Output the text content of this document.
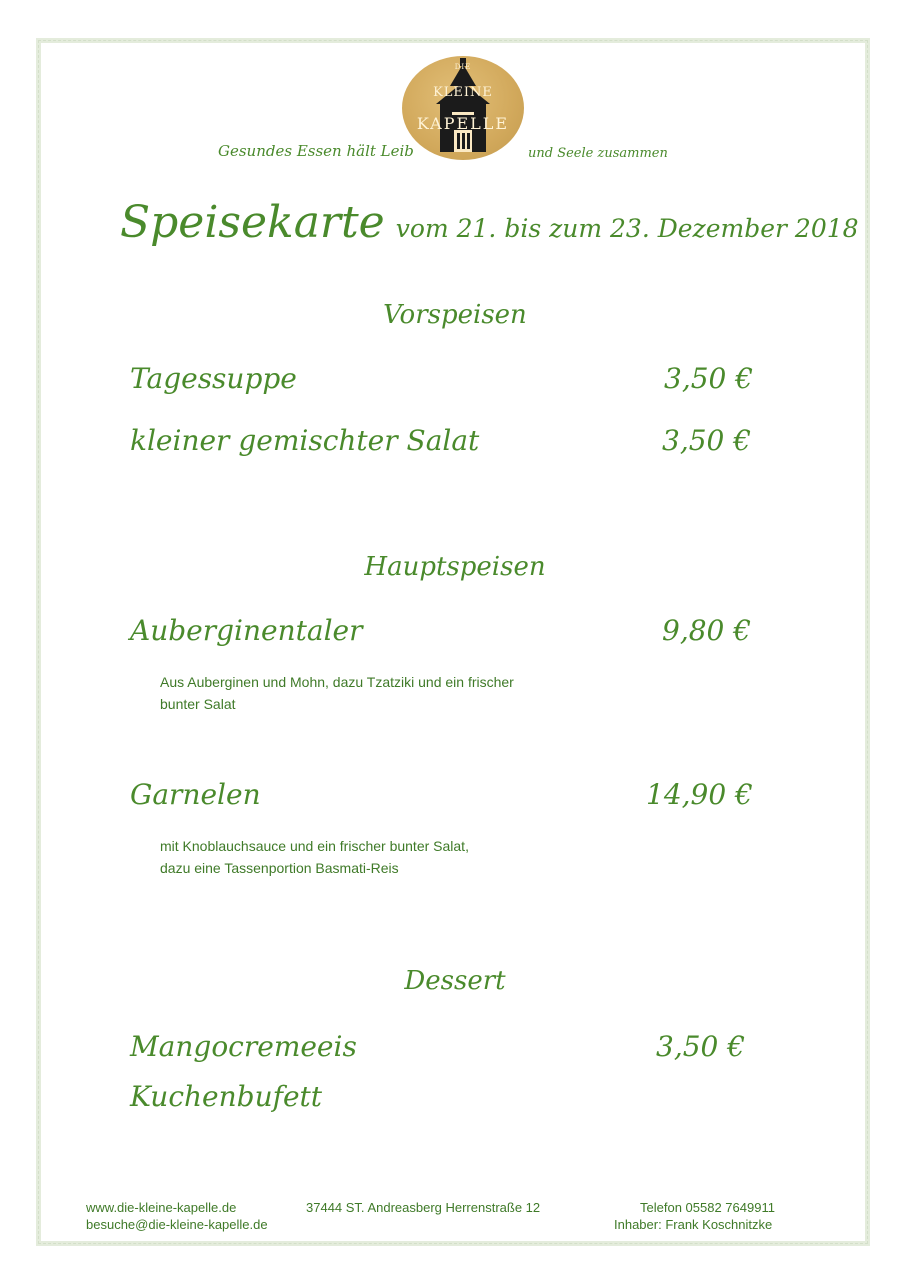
DIE
KLEINE
KAPELLE
Gesundes Essen hält Leib	und Seele zusammen
Speisekarte vom 21. bis zum 23. Dezember 2018
Vorspeisen
Tagessuppe	3,50 €
kleiner gemischter Salat	3,50 €
Hauptspeisen
Auberginentaler	9,80 €
Aus Auberginen und Mohn, dazu Tzatziki und ein frischer
bunter Salat
Garnelen	14,90 €
mit Knoblauchsauce und ein frischer bunter Salat,
dazu eine Tassenportion Basmati-Reis
Dessert
Mangocremeeis	3,50 €
Kuchenbufett
www.die-kleine-kapelle.de
besuche@die-kleine-kapelle.de
37444 ST. Andreasberg Herrenstraße 12	Telefon 05582 7649911
Inhaber: Frank Koschnitzke
